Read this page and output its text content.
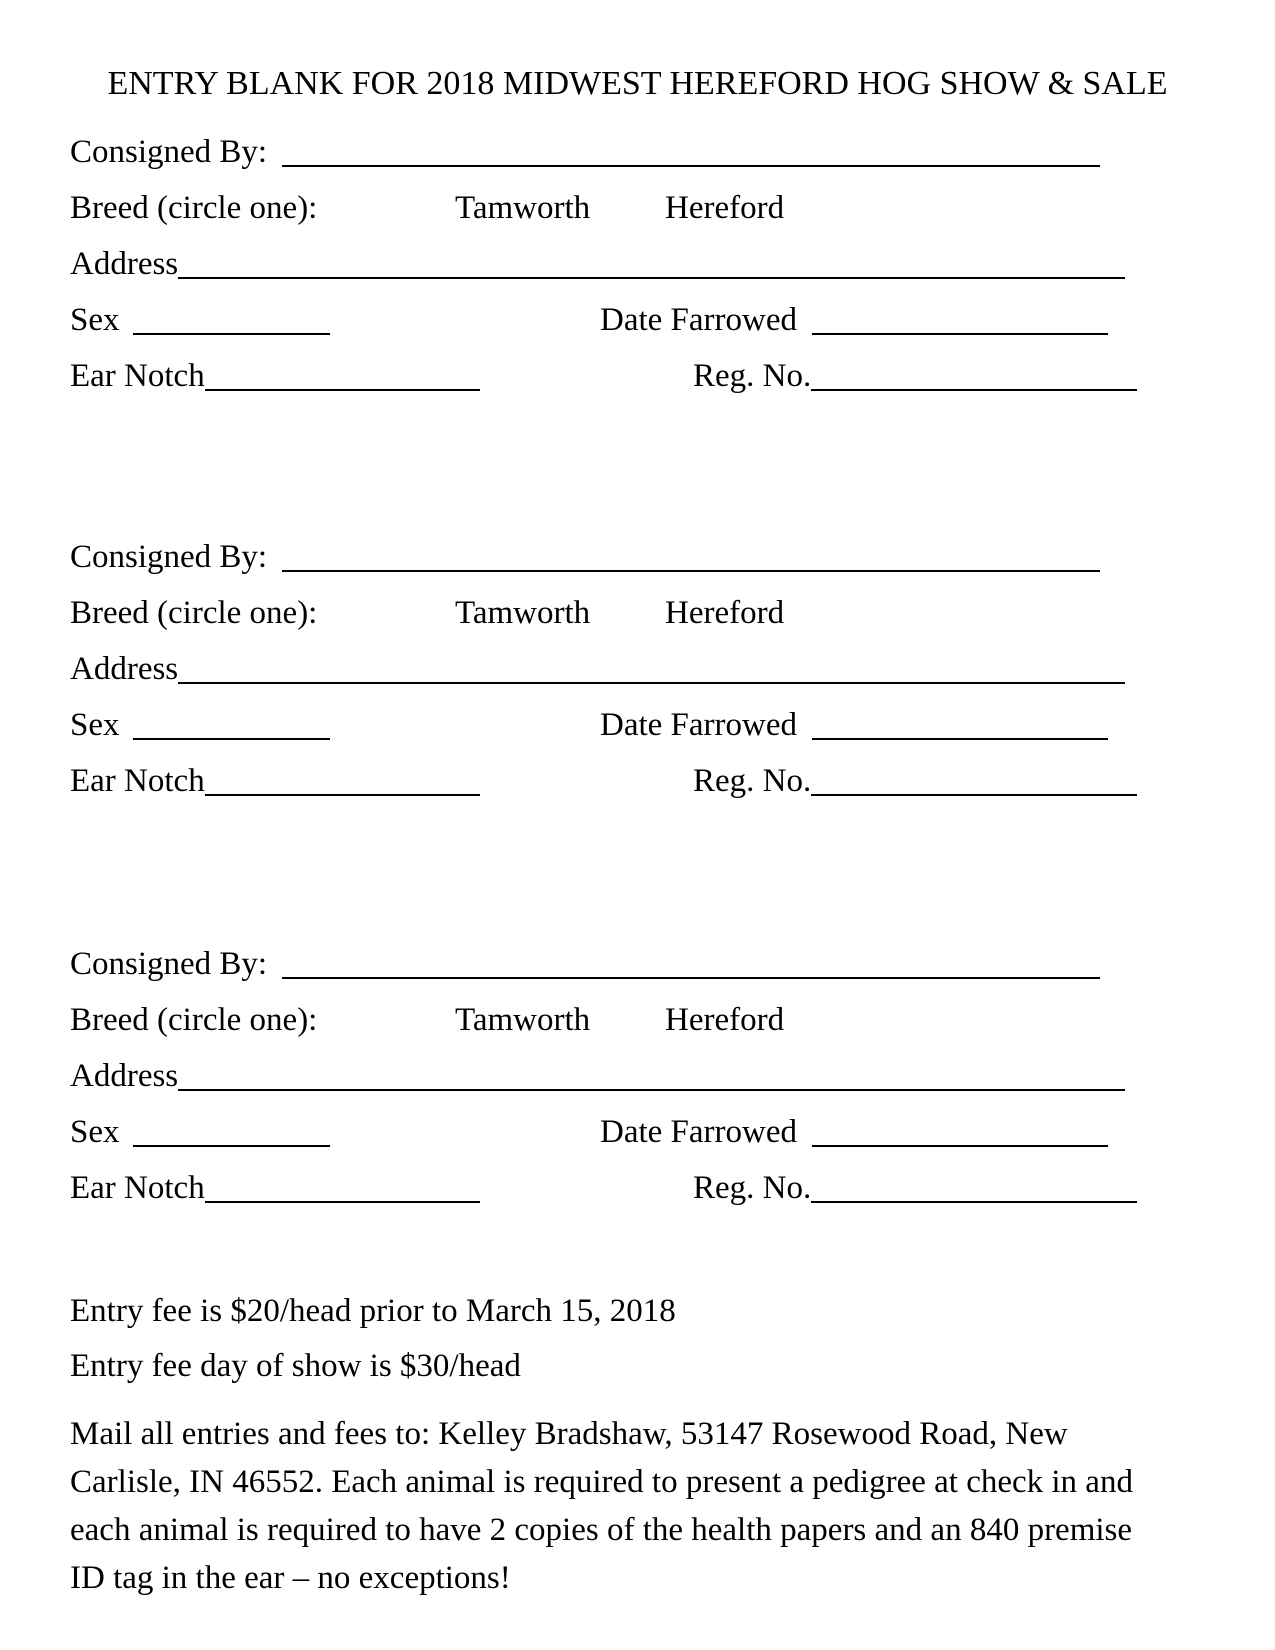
ENTRY BLANK FOR 2018 MIDWEST HEREFORD HOG SHOW & SALE
Consigned By:
Breed (circle one):	Tamworth Hereford
Address
Sex	Date Farrowed
Ear Notch	Reg. No.
Consigned By:
Breed (circle one):	Tamworth Hereford
Address
Sex	Date Farrowed
Ear Notch	Reg. No.
Consigned By:
Breed (circle one):	Tamworth Hereford
Address
Sex	Date Farrowed
Ear Notch	Reg. No.
Entry fee is $20/head prior to March 15, 2018
Entry fee day of show is $30/head
Mail all entries and fees to: Kelley Bradshaw, 53147 Rosewood Road, New Carlisle, IN 46552. Each animal is required to present a pedigree at check in and each animal is required to have 2 copies of the health papers and an 840 premise ID tag in the ear – no exceptions!
